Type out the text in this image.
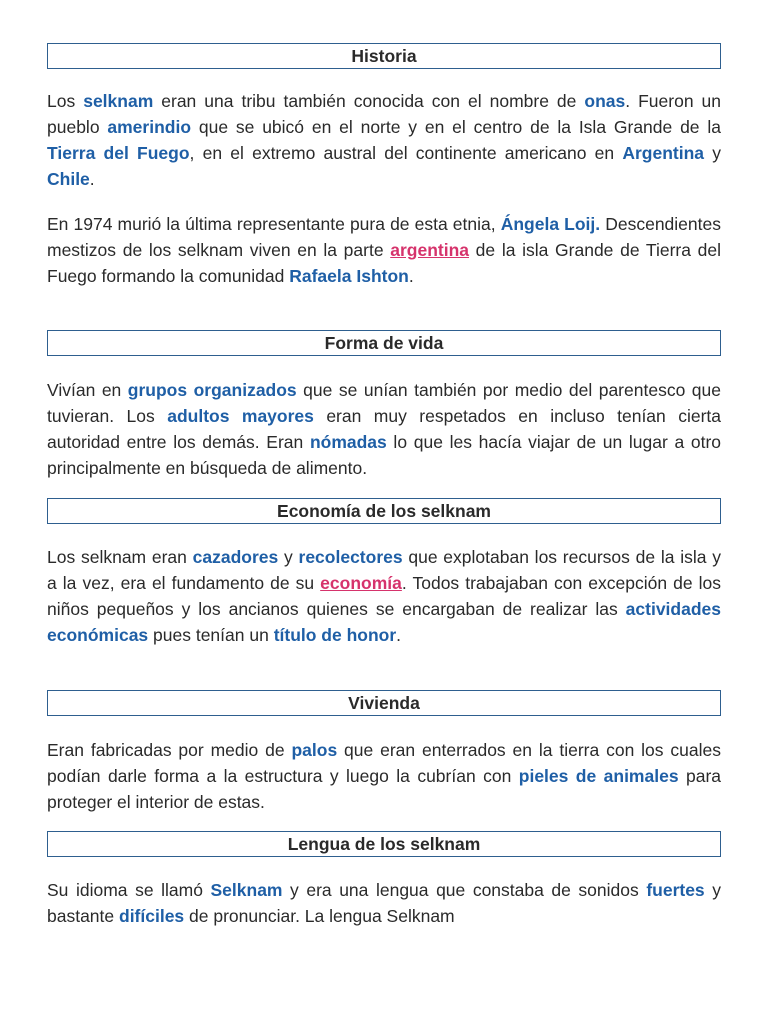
Historia

Los selknam eran una tribu también conocida con el nombre de onas. Fueron un pueblo amerindio que se ubicó en el norte y en el centro de la Isla Grande de la Tierra del Fuego, en el extremo austral del continente americano en Argentina y Chile.

En 1974 murió la última representante pura de esta etnia, Ángela Loij. Descendientes mestizos de los selknam viven en la parte argentina de la isla Grande de Tierra del Fuego formando la comunidad Rafaela Ishton.

Forma de vida

Vivían en grupos organizados que se unían también por medio del parentesco que tuvieran. Los adultos mayores eran muy respetados en incluso tenían cierta autoridad entre los demás. Eran nómadas lo que les hacía viajar de un lugar a otro principalmente en búsqueda de alimento.

Economía de los selknam

Los selknam eran cazadores y recolectores que explotaban los recursos de la isla y a la vez, era el fundamento de su economía. Todos trabajaban con excepción de los niños pequeños y los ancianos quienes se encargaban de realizar las actividades económicas pues tenían un título de honor.

Vivienda

Eran fabricadas por medio de palos que eran enterrados en la tierra con los cuales podían darle forma a la estructura y luego la cubrían con pieles de animales para proteger el interior de estas.

Lengua de los selknam

Su idioma se llamó Selknam y era una lengua que constaba de sonidos fuertes y bastante difíciles de pronunciar. La lengua Selknam
